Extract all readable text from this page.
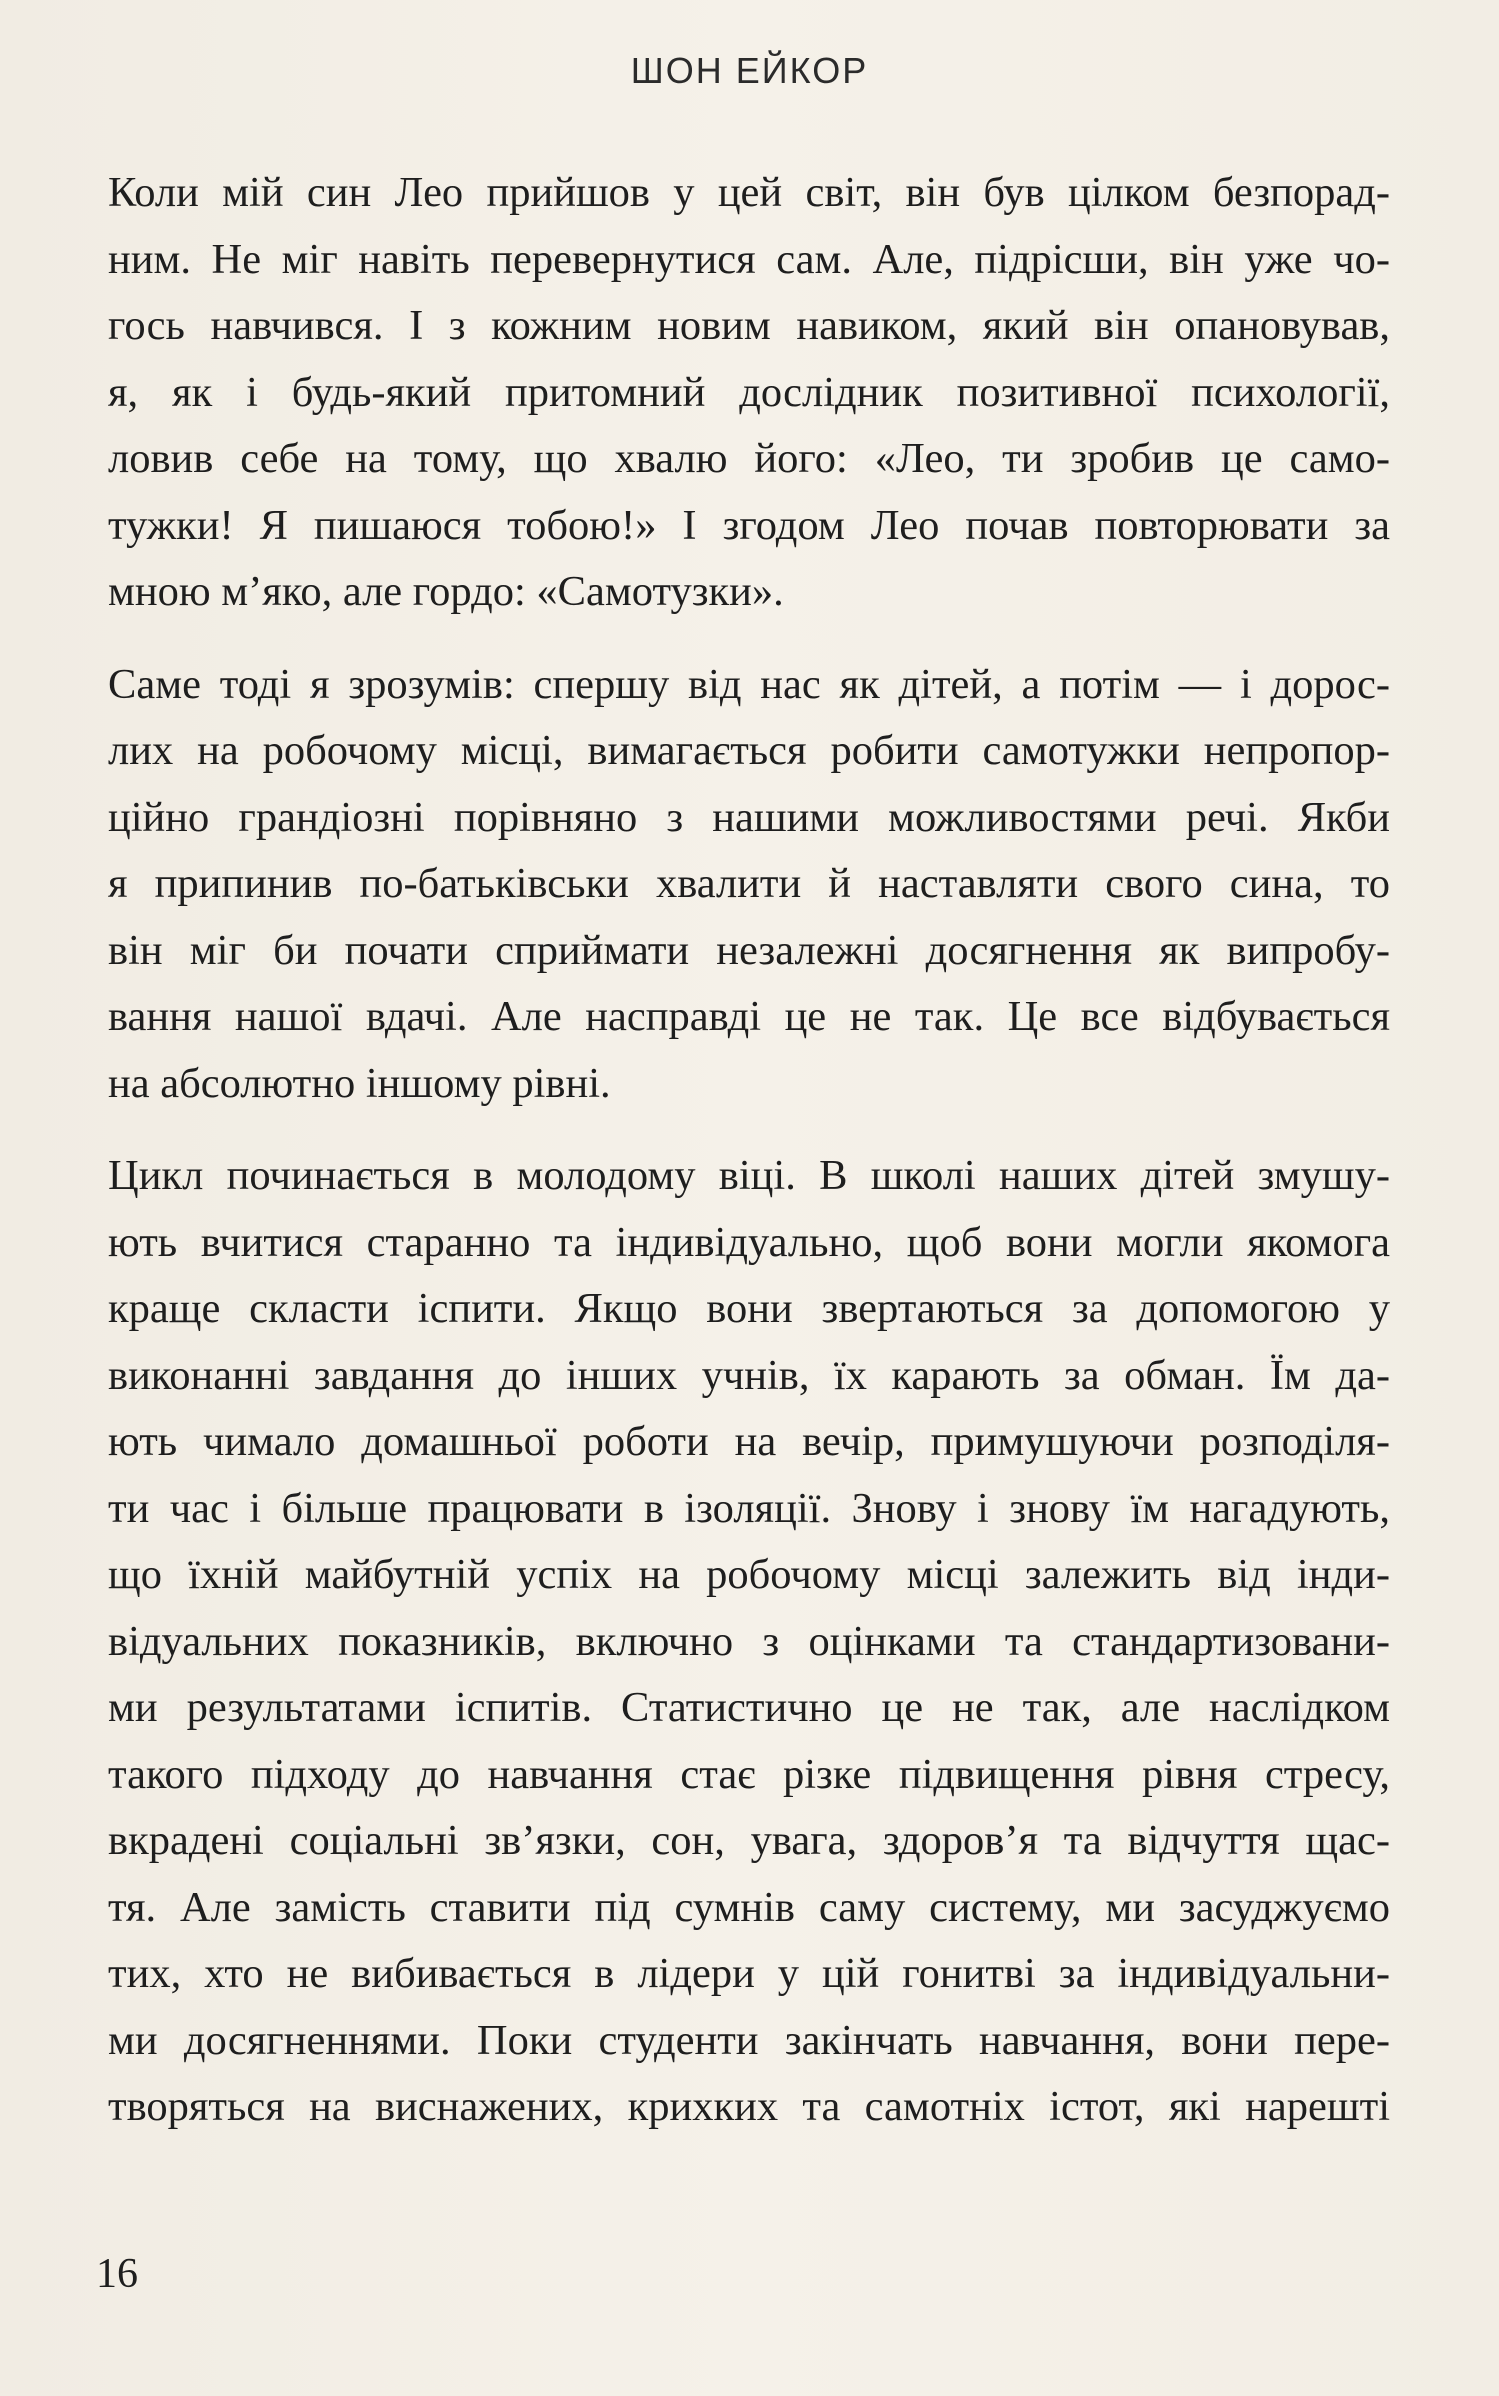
ШОН ЕЙКОР
Коли мій син Лео прийшов у цей світ, він був цілком безпорад-
ним. Не міг навіть перевернутися сам. Але, підрісши, він уже чо-
гось навчився. І з кожним новим навиком, який він опановував,
я, як і будь-який притомний дослідник позитивної психології,
ловив себе на тому, що хвалю його: «Лео, ти зробив це само-
тужки! Я пишаюся тобою!» І згодом Лео почав повторювати за
мною м’яко, але гордо: «Самотузки».
Саме тоді я зрозумів: спершу від нас як дітей, а потім — і дорос-
лих на робочому місці, вимагається робити самотужки непропор-
ційно грандіозні порівняно з нашими можливостями речі. Якби
я припинив по-батьківськи хвалити й наставляти свого сина, то
він міг би почати сприймати незалежні досягнення як випробу-
вання нашої вдачі. Але насправді це не так. Це все відбувається
на абсолютно іншому рівні.
Цикл починається в молодому віці. В школі наших дітей змушу-
ють вчитися старанно та індивідуально, щоб вони могли якомога
краще скласти іспити. Якщо вони звертаються за допомогою у
виконанні завдання до інших учнів, їх карають за обман. Їм да-
ють чимало домашньої роботи на вечір, примушуючи розподіля-
ти час і більше працювати в ізоляції. Знову і знову їм нагадують,
що їхній майбутній успіх на робочому місці залежить від інди-
відуальних показників, включно з оцінками та стандартизовани-
ми результатами іспитів. Статистично це не так, але наслідком
такого підходу до навчання стає різке підвищення рівня стресу,
вкрадені соціальні зв’язки, сон, увага, здоров’я та відчуття щас-
тя. Але замість ставити під сумнів саму систему, ми засуджуємо
тих, хто не вибивається в лідери у цій гонитві за індивідуальни-
ми досягненнями. Поки студенти закінчать навчання, вони пере-
творяться на виснажених, крихких та самотніх істот, які нарешті
16
